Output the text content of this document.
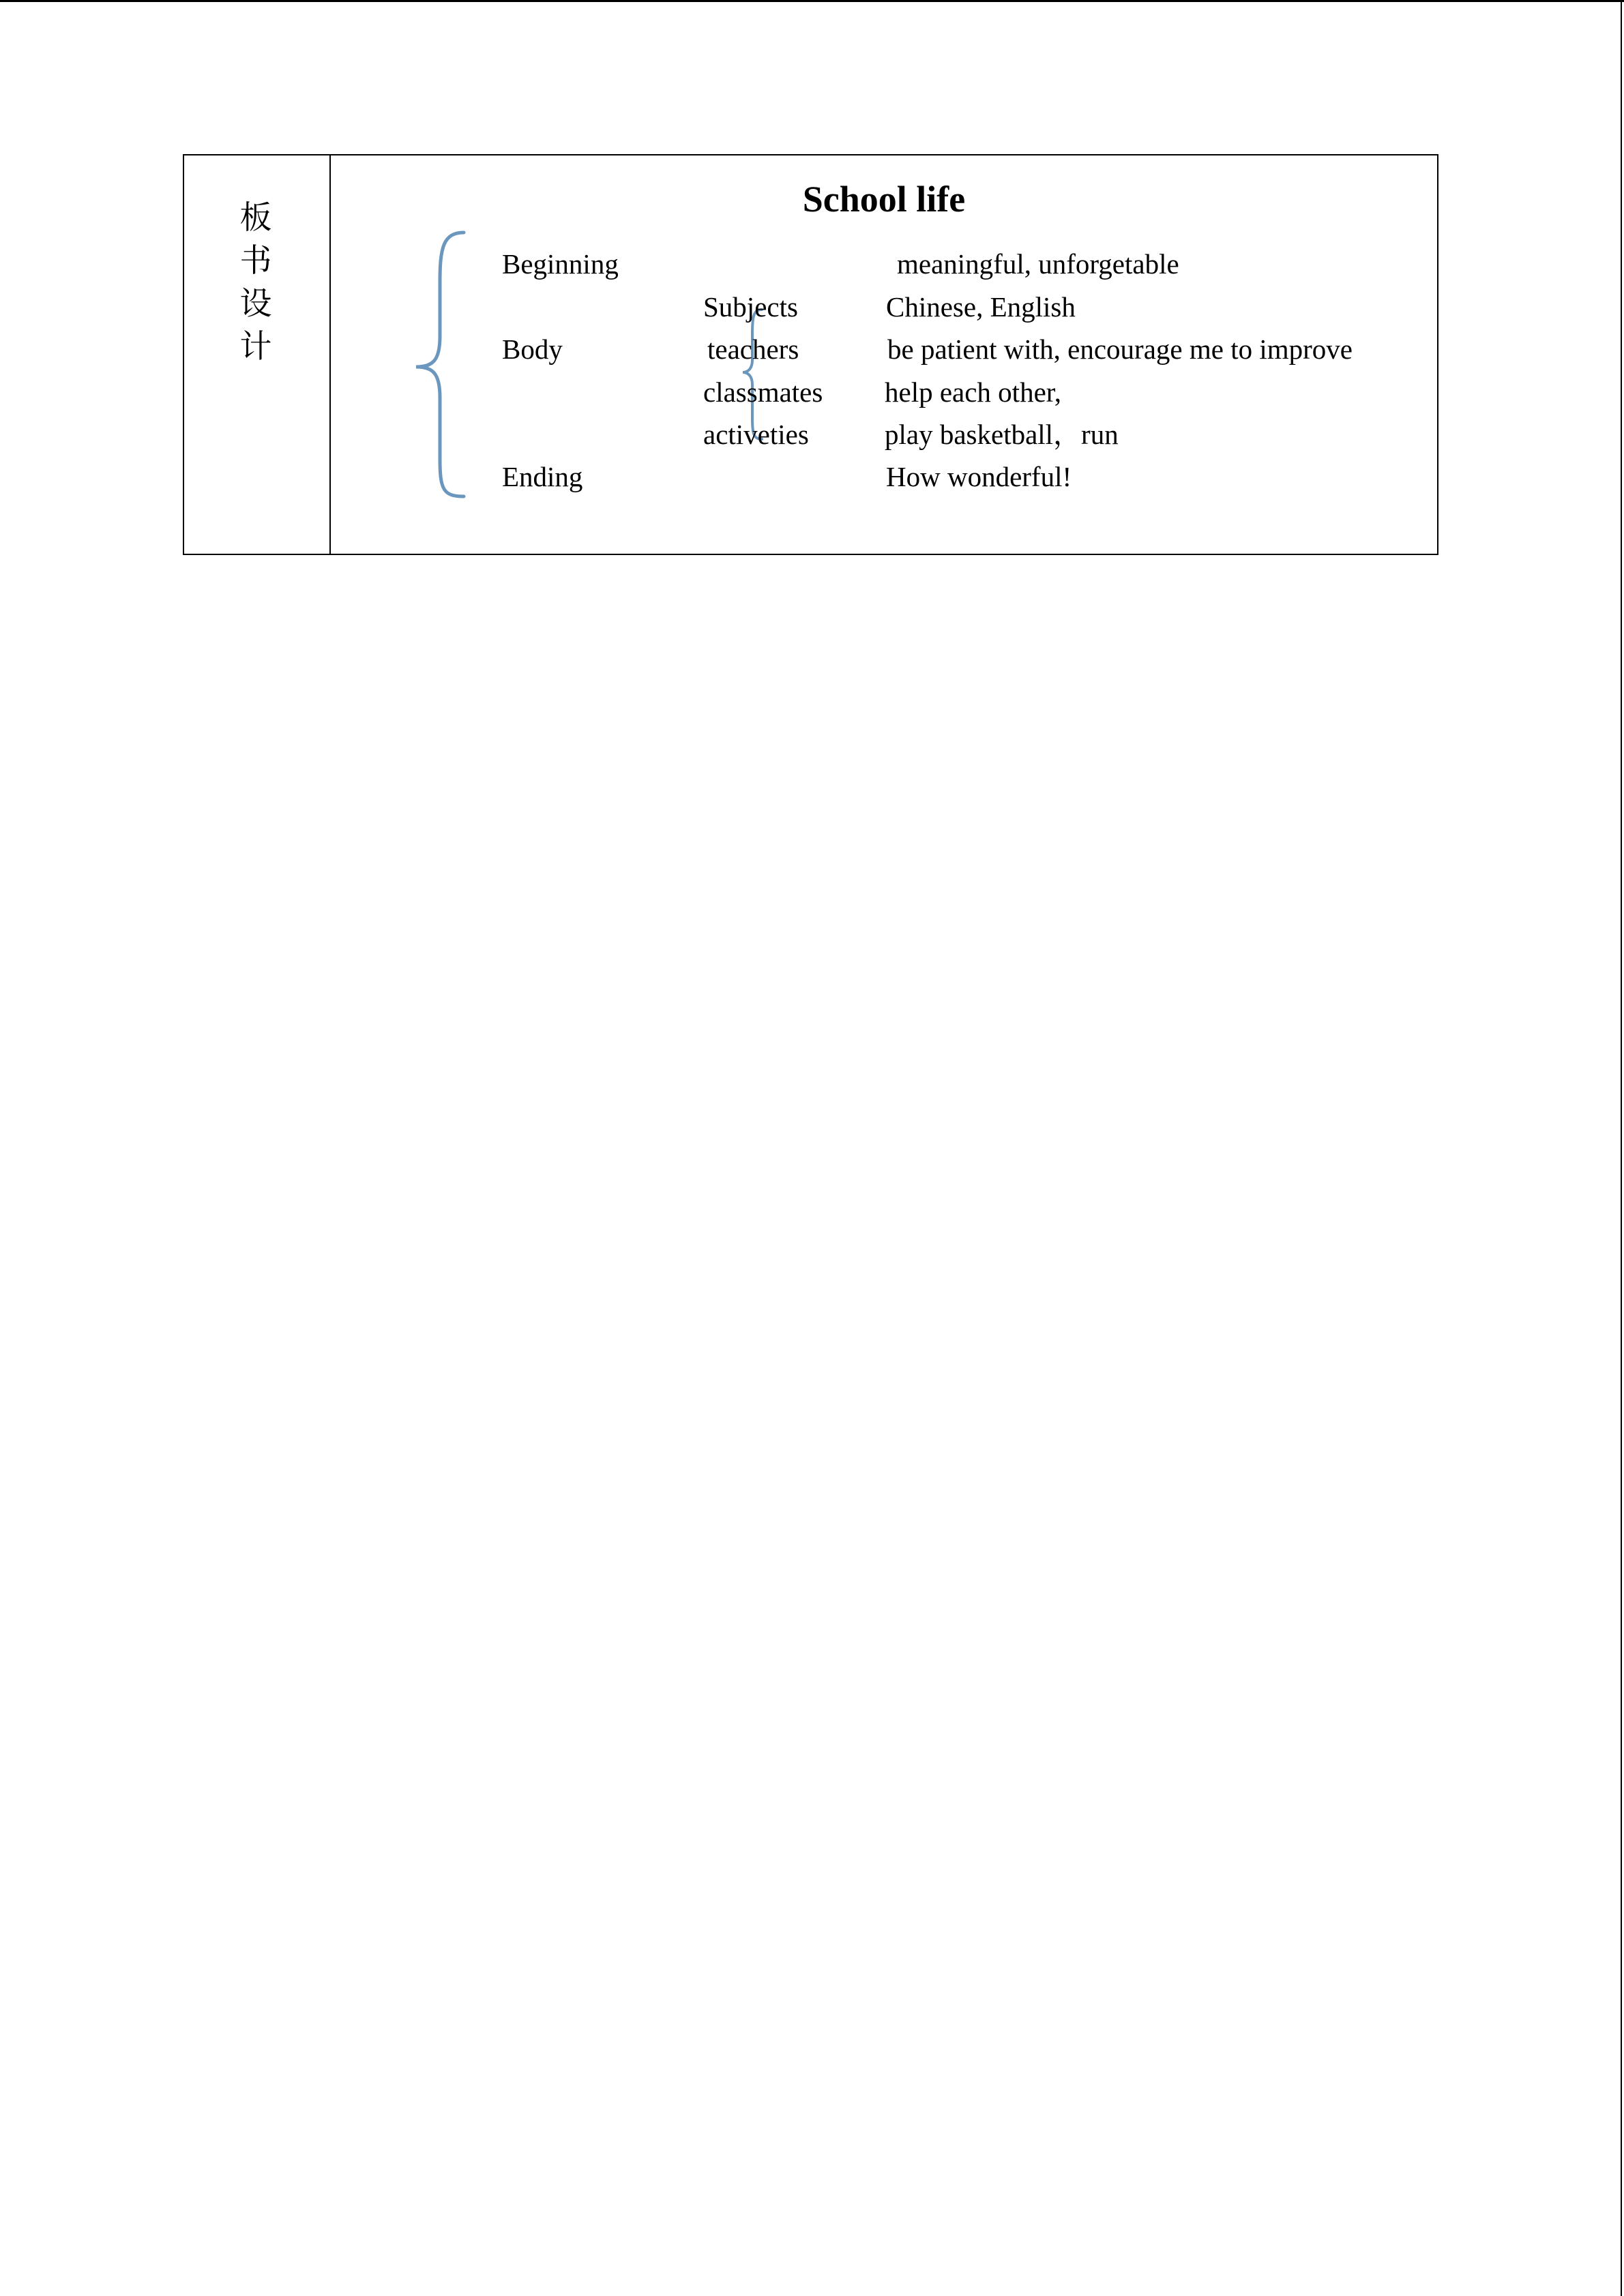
板书设计
School life
Beginning	meaningful, unforgetable
Body
Subjects	Chinese, English
teachers	be patient with, encourage me to improve
classmates help each other,
activeties	play basketball，run
Ending	How wonderful!
